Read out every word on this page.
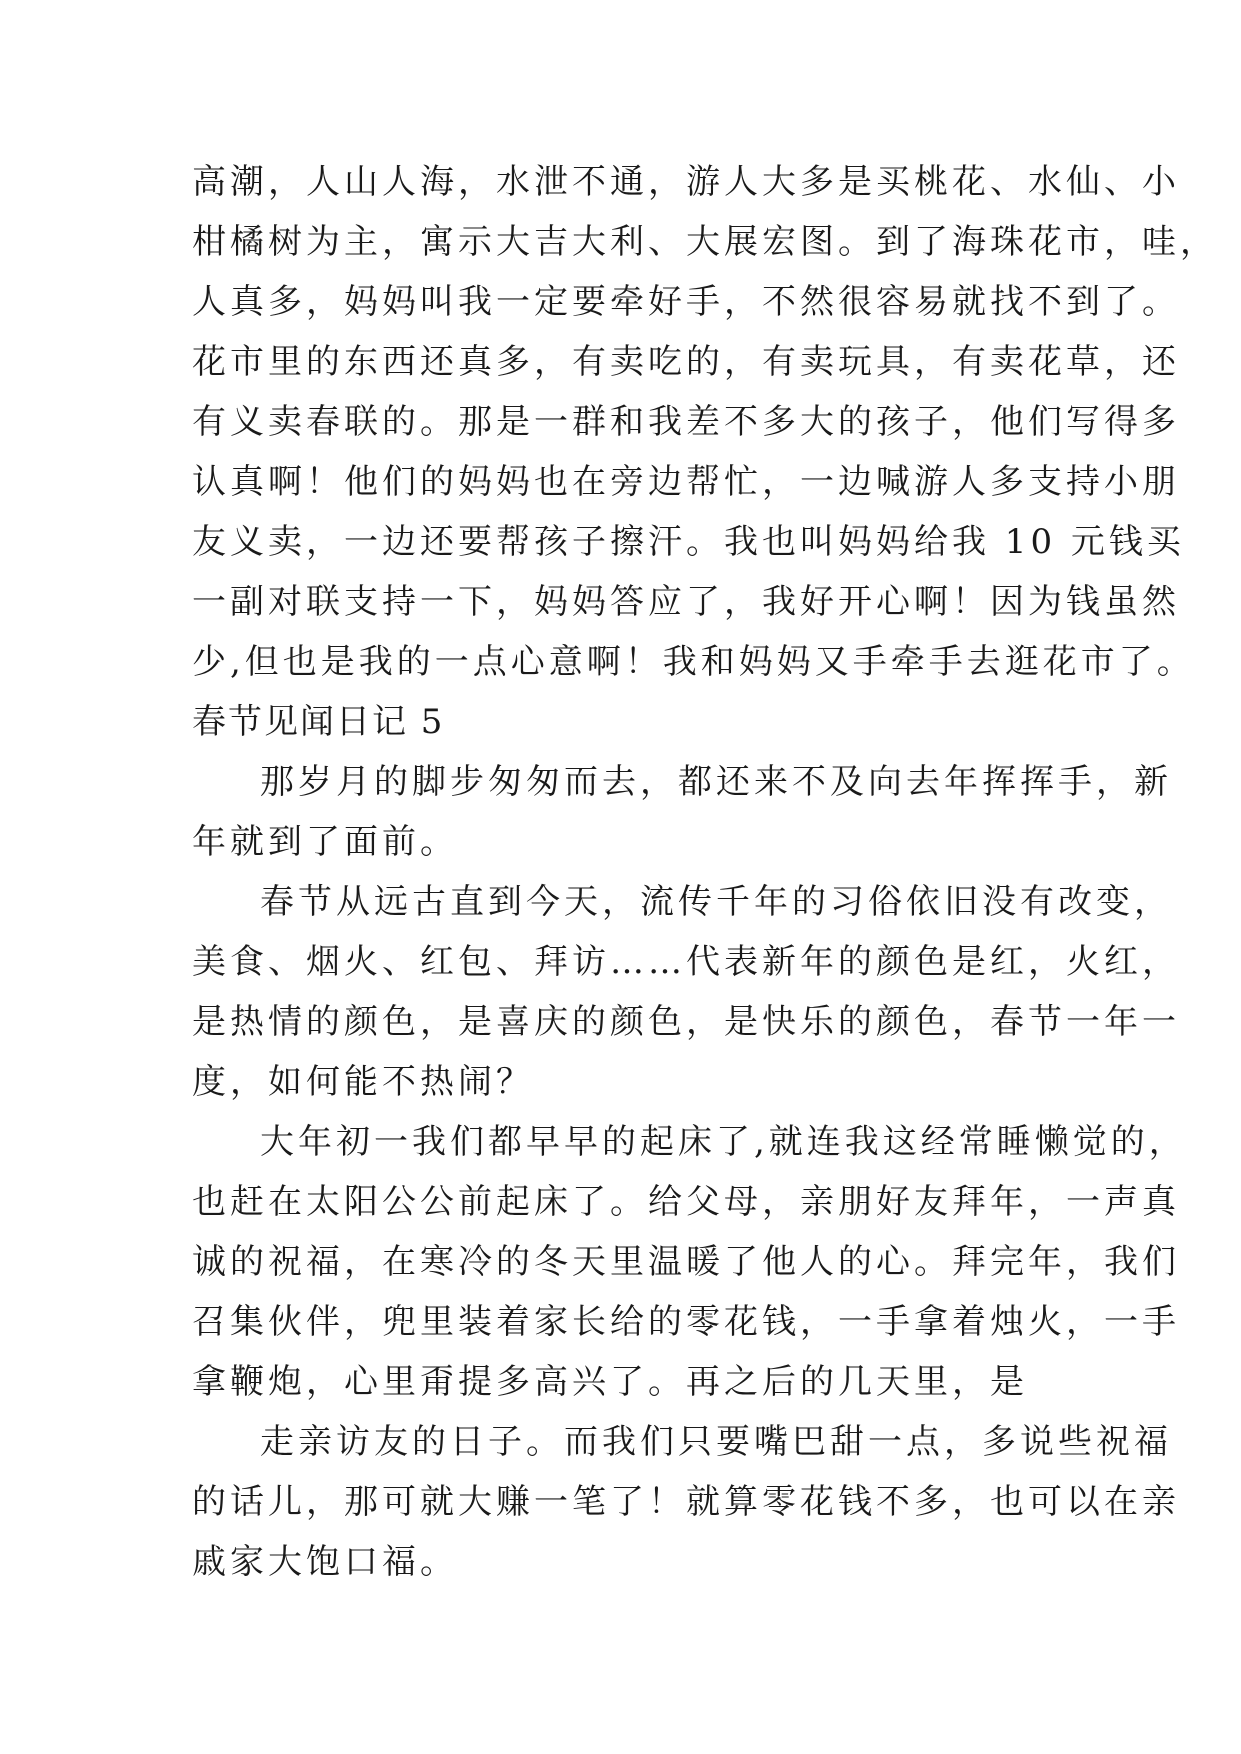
高潮，人山人海，水泄不通，游人大多是买桃花、水仙、小
柑橘树为主，寓示大吉大利、大展宏图。到了海珠花市，哇，
人真多，妈妈叫我一定要牵好手，不然很容易就找不到了。
花市里的东西还真多，有卖吃的，有卖玩具，有卖花草，还
有义卖春联的。那是一群和我差不多大的孩子，他们写得多
认真啊！他们的妈妈也在旁边帮忙，一边喊游人多支持小朋
友义卖，一边还要帮孩子擦汗。我也叫妈妈给我 10 元钱买
一副对联支持一下，妈妈答应了，我好开心啊！因为钱虽然
少,但也是我的一点心意啊！我和妈妈又手牵手去逛花市了。
春节见闻日记 5
那岁月的脚步匆匆而去，都还来不及向去年挥挥手，新
年就到了面前。
春节从远古直到今天，流传千年的习俗依旧没有改变，
美食、烟火、红包、拜访……代表新年的颜色是红，火红，
是热情的颜色，是喜庆的颜色，是快乐的颜色，春节一年一
度，如何能不热闹？
大年初一我们都早早的起床了,就连我这经常睡懒觉的，
也赶在太阳公公前起床了。给父母，亲朋好友拜年，一声真
诚的祝福，在寒冷的冬天里温暖了他人的心。拜完年，我们
召集伙伴，兜里装着家长给的零花钱，一手拿着烛火，一手
拿鞭炮，心里甭提多高兴了。再之后的几天里，是
走亲访友的日子。而我们只要嘴巴甜一点，多说些祝福
的话儿，那可就大赚一笔了！就算零花钱不多，也可以在亲
戚家大饱口福。
